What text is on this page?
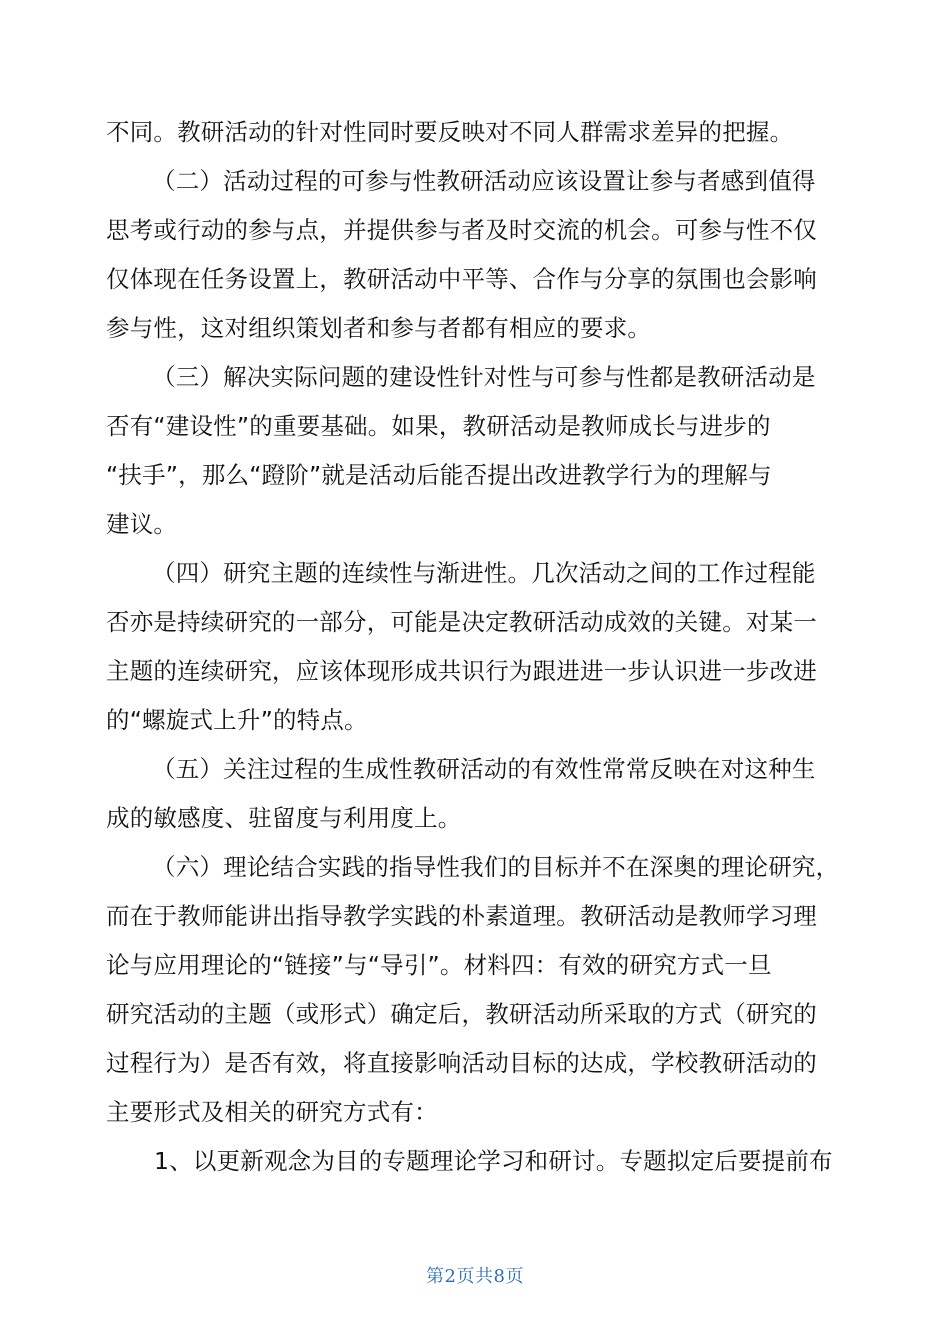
不同。教研活动的针对性同时要反映对不同人群需求差异的把握。
（二）活动过程的可参与性教研活动应该设置让参与者感到值得
思考或行动的参与点，并提供参与者及时交流的机会。可参与性不仅
仅体现在任务设置上，教研活动中平等、合作与分享的氛围也会影响
参与性，这对组织策划者和参与者都有相应的要求。
（三）解决实际问题的建设性针对性与可参与性都是教研活动是
否有“建设性”的重要基础。如果，教研活动是教师成长与进步的
“扶手”，那么“蹬阶”就是活动后能否提出改进教学行为的理解与
建议。
（四）研究主题的连续性与渐进性。几次活动之间的工作过程能
否亦是持续研究的一部分，可能是决定教研活动成效的关键。对某一
主题的连续研究，应该体现形成共识行为跟进进一步认识进一步改进
的“螺旋式上升”的特点。
（五）关注过程的生成性教研活动的有效性常常反映在对这种生
成的敏感度、驻留度与利用度上。
（六）理论结合实践的指导性我们的目标并不在深奥的理论研究，
而在于教师能讲出指导教学实践的朴素道理。教研活动是教师学习理
论与应用理论的“链接”与“导引”。材料四：有效的研究方式一旦
研究活动的主题（或形式）确定后，教研活动所采取的方式（研究的
过程行为）是否有效，将直接影响活动目标的达成，学校教研活动的
主要形式及相关的研究方式有：
1、以更新观念为目的专题理论学习和研讨。专题拟定后要提前布
第2页共8页
